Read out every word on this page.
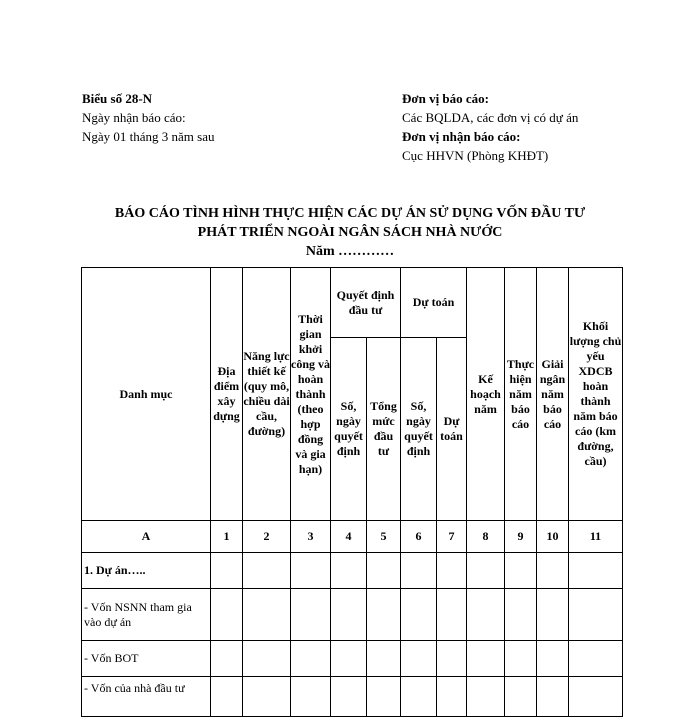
Biểu số 28-N
Ngày nhận báo cáo:
Ngày 01 tháng 3 năm sau
Đơn vị báo cáo:
Các BQLDA, các đơn vị có dự án
Đơn vị nhận báo cáo:
Cục HHVN (Phòng KHĐT)
BÁO CÁO TÌNH HÌNH THỰC HIỆN CÁC DỰ ÁN SỬ DỤNG VỐN ĐẦU TƯ
PHÁT TRIỂN NGOÀI NGÂN SÁCH NHÀ NƯỚC
Năm …………
Danh mục	Địa điểm xây dựng	Năng lực thiết kế (quy mô, chiều dài cầu, đường)	Thời gian khởi công và hoàn thành (theo hợp đồng và gia hạn)	Quyết định đầu tư		Dự toán		Kế hoạch năm	Thực hiện năm báo cáo	Giải ngân năm báo cáo	Khối lượng chủ yếu XDCB hoàn thành năm báo cáo (km đường, cầu)
				Số, ngày quyết định	Tổng mức đầu tư	Số, ngày quyết định	Dự toán				
A	1	2	3	4	5	6	7	8	9	10	11
1. Dự án…..											
- Vốn NSNN tham gia vào dự án											
- Vốn BOT											
- Vốn của nhà đầu tư											
